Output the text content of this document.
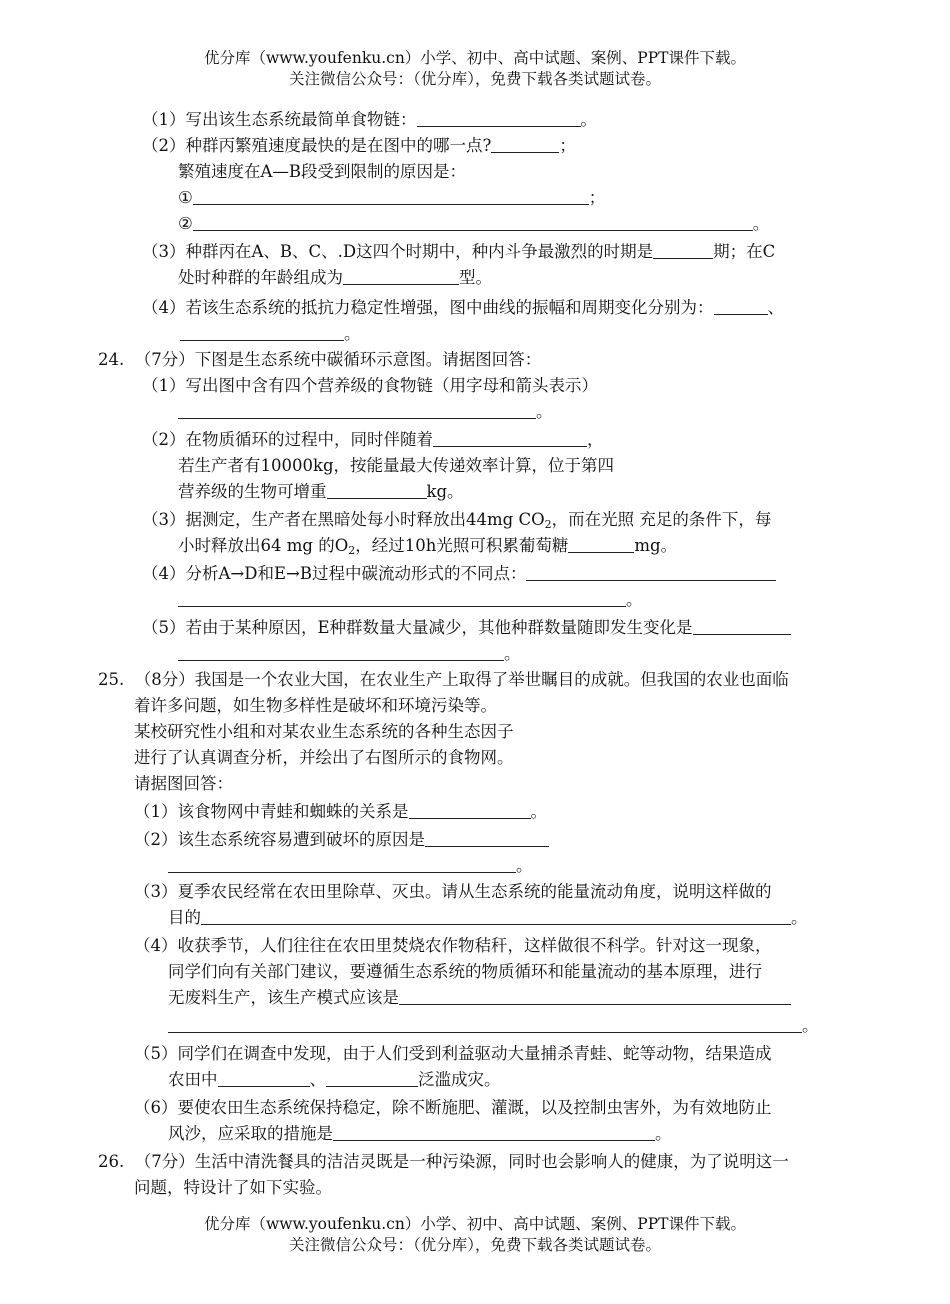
优分库（www.youfenku.cn）小学、初中、高中试题、案例、PPT课件下载。
关注微信公众号：（优分库），免费下载各类试题试卷。
（1）写出该生态系统最简单食物链：	。
（2）种群丙繁殖速度最快的是在图中的哪一点?	；
繁殖速度在A—B段受到限制的原因是：
①	；
②	。
（3）种群丙在A、B、C、.D这四个时期中，种内斗争最激烈的时期是	期；在C
处时种群的年龄组成为	型。
（4）若该生态系统的抵抗力稳定性增强，图中曲线的振幅和周期变化分别为：	、
。
24. （7分）下图是生态系统中碳循环示意图。请据图回答：
（1）写出图中含有四个营养级的食物链（用字母和箭头表示）
。
（2）在物质循环的过程中，同时伴随着	，
若生产者有10000kg，按能量最大传递效率计算，位于第四
营养级的生物可增重	kg。
（3）据测定，生产者在黑暗处每小时释放出44mg $CO_2$，而在光照 充足的条件下，每
小时释放出64 mg 的$O_2$，经过10h光照可积累葡萄糖	mg。
（4）分析A→D和E→B过程中碳流动形式的不同点：
。
（5）若由于某种原因，E种群数量大量减少，其他种群数量随即发生变化是
。
25. （8分）我国是一个农业大国，在农业生产上取得了举世瞩目的成就。但我国的农业也面临
着许多问题，如生物多样性是破坏和环境污染等。
某校研究性小组和对某农业生态系统的各种生态因子
进行了认真调查分析，并绘出了右图所示的食物网。
请据图回答：
（1）该食物网中青蛙和蜘蛛的关系是	。
（2）该生态系统容易遭到破坏的原因是
。
（3）夏季农民经常在农田里除草、灭虫。请从生态系统的能量流动角度，说明这样做的
目的	。
（4）收获季节，人们往往在农田里焚烧农作物秸秆，这样做很不科学。针对这一现象，
同学们向有关部门建议，要遵循生态系统的物质循环和能量流动的基本原理，进行
无废料生产，该生产模式应该是
。
（5）同学们在调查中发现，由于人们受到利益驱动大量捕杀青蛙、蛇等动物，结果造成
农田中	、	泛滥成灾。
（6）要使农田生态系统保持稳定，除不断施肥、灌溉，以及控制虫害外，为有效地防止
风沙，应采取的措施是	。
26. （7分）生活中清洗餐具的洁洁灵既是一种污染源，同时也会影响人的健康，为了说明这一
问题，特设计了如下实验。
优分库（www.youfenku.cn）小学、初中、高中试题、案例、PPT课件下载。
关注微信公众号：（优分库），免费下载各类试题试卷。
